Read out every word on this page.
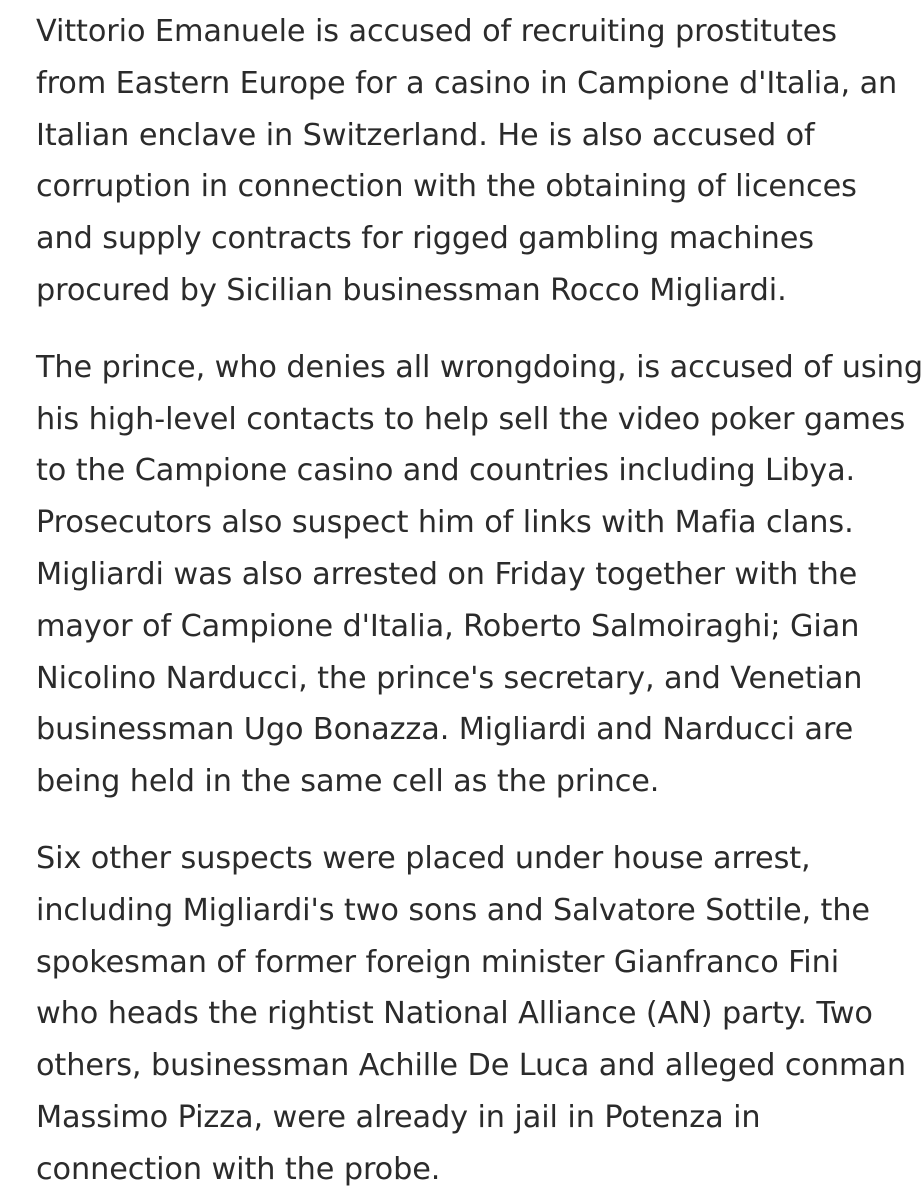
Vittorio Emanuele is accused of recruiting prostitutes
from Eastern Europe for a casino in Campione d'Italia, an
Italian enclave in Switzerland. He is also accused of
corruption in connection with the obtaining of licences
and supply contracts for rigged gambling machines
procured by Sicilian businessman Rocco Migliardi.

The prince, who denies all wrongdoing, is accused of using
his high-level contacts to help sell the video poker games
to the Campione casino and countries including Libya.
Prosecutors also suspect him of links with Mafia clans.
Migliardi was also arrested on Friday together with the
mayor of Campione d'Italia, Roberto Salmoiraghi; Gian
Nicolino Narducci, the prince's secretary, and Venetian
businessman Ugo Bonazza. Migliardi and Narducci are
being held in the same cell as the prince.

Six other suspects were placed under house arrest,
including Migliardi's two sons and Salvatore Sottile, the
spokesman of former foreign minister Gianfranco Fini
who heads the rightist National Alliance (AN) party. Two
others, businessman Achille De Luca and alleged conman
Massimo Pizza, were already in jail in Potenza in
connection with the probe.
